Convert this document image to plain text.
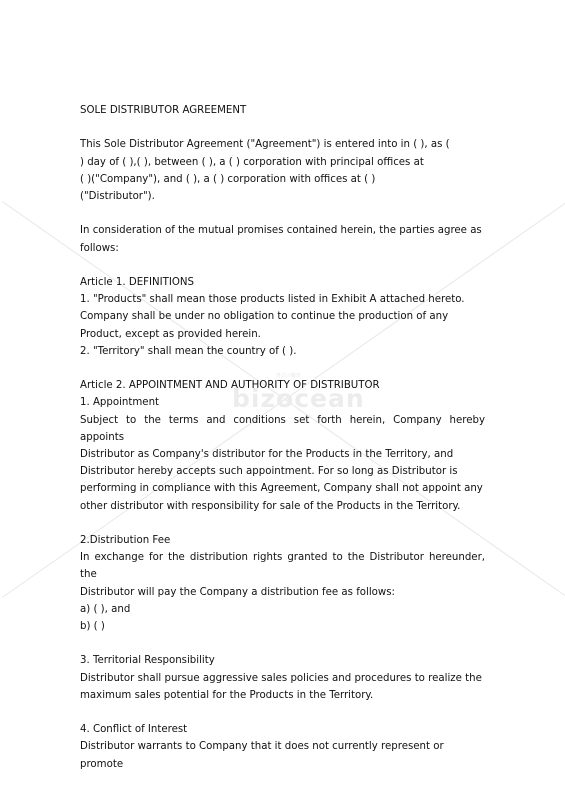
書式の雛形
bizocean

SOLE DISTRIBUTOR AGREEMENT

This Sole Distributor Agreement ("Agreement") is entered into in ( ), as (

) day of ( ),( ), between ( ), a ( ) corporation with principal offices at

( )("Company"), and ( ), a ( ) corporation with offices at ( )

("Distributor").

In consideration of the mutual promises contained herein, the parties agree as

follows:

Article 1. DEFINITIONS

1. "Products" shall mean those products listed in Exhibit A attached hereto.

Company shall be under no obligation to continue the production of any

Product, except as provided herein.

2. "Territory" shall mean the country of ( ).

Article 2. APPOINTMENT AND AUTHORITY OF DISTRIBUTOR

1. Appointment

Subject to the terms and conditions set forth herein, Company hereby appoints

Distributor as Company's distributor for the Products in the Territory, and

Distributor hereby accepts such appointment. For so long as Distributor is

performing in compliance with this Agreement, Company shall not appoint any

other distributor with responsibility for sale of the Products in the Territory.

2.Distribution Fee

In exchange for the distribution rights granted to the Distributor hereunder, the

Distributor will pay the Company a distribution fee as follows:

a) ( ), and

b) ( )

3. Territorial Responsibility

Distributor shall pursue aggressive sales policies and procedures to realize the

maximum sales potential for the Products in the Territory.

4. Conflict of Interest

Distributor warrants to Company that it does not currently represent or promote
